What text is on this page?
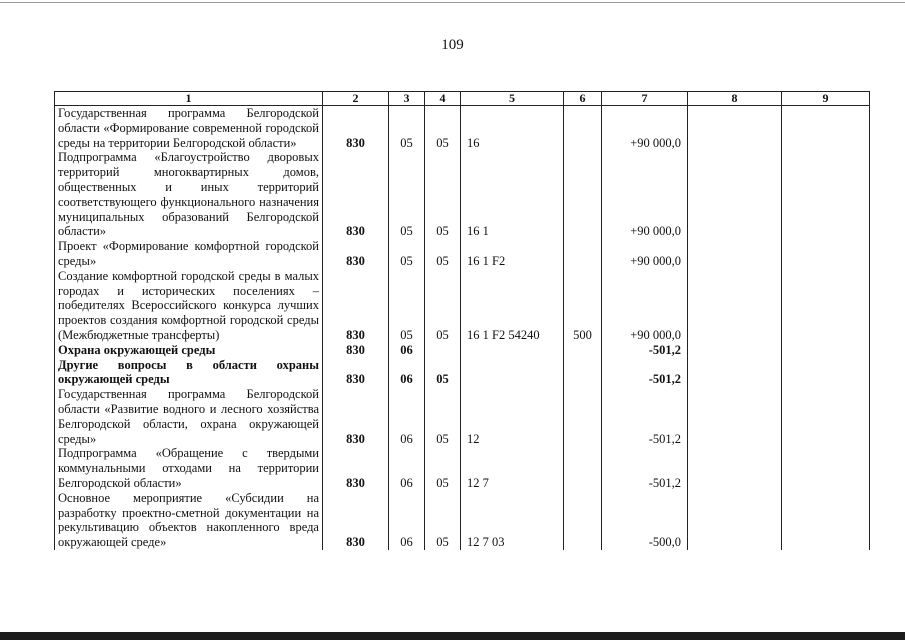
109
1	2	3	4	5	6	7	8	9
Государственная программа Белгородской области «Формирование современной городской среды на территории Белгородской области»	830	05	05	16		+90 000,0		
Подпрограмма «Благоустройство дворовых территорий многоквартирных домов, общественных и иных территорий соответствующего функционального назначения муниципальных образований Белгородской области»	830	05	05	16 1		+90 000,0		
Проект «Формирование комфортной городской среды»	830	05	05	16 1 F2		+90 000,0		
Создание комфортной городской среды в малых городах и исторических поселениях – победителях Всероссийского конкурса лучших проектов создания комфортной городской среды (Межбюджетные трансферты)	830	05	05	16 1 F2 54240	500	+90 000,0		
Охрана окружающей среды	830	06				-501,2		
Другие вопросы в области охраны окружающей среды	830	06	05			-501,2		
Государственная программа Белгородской области «Развитие водного и лесного хозяйства Белгородской области, охрана окружающей среды»	830	06	05	12		-501,2		
Подпрограмма «Обращение с твердыми коммунальными отходами на территории Белгородской области»	830	06	05	12 7		-501,2		
Основное мероприятие «Субсидии на разработку проектно-сметной документации на рекультивацию объектов накопленного вреда окружающей среде»	830	06	05	12 7 03		-500,0		
